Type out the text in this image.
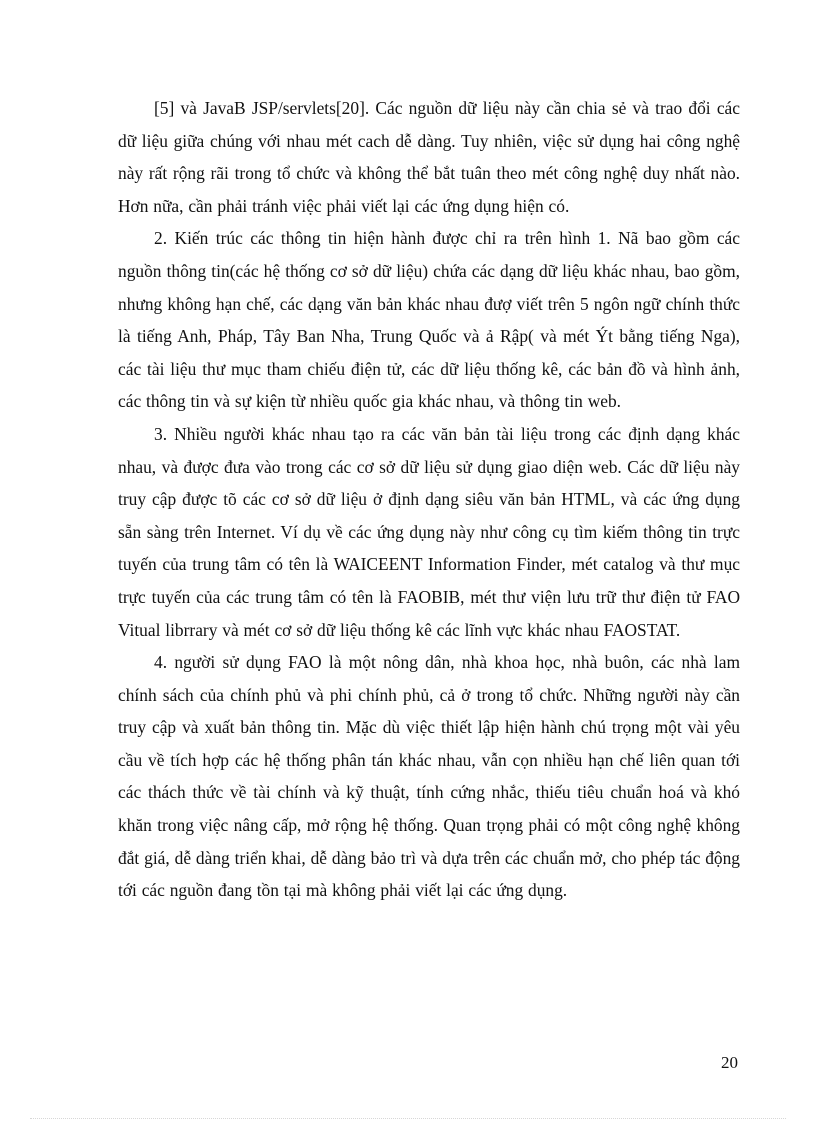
[5] và JavaB JSP/servlets[20]. Các nguồn dữ liệu này cần chia sẻ và trao đổi các dữ liệu giữa chúng với nhau mét cach dễ dàng. Tuy nhiên, việc sử dụng hai công nghệ này rất rộng rãi trong tổ chức và không thể bắt tuân theo mét công nghệ duy nhất nào. Hơn nữa, cần phải tránh việc phải viết lại các ứng dụng hiện có.

2. Kiến trúc các thông tin hiện hành được chỉ ra trên hình 1. Nã bao gồm các nguồn thông tin(các hệ thống cơ sở dữ liệu) chứa các dạng dữ liệu khác nhau, bao gồm, nhưng không hạn chế, các dạng văn bản khác nhau đượ viết trên 5 ngôn ngữ chính thức là tiếng Anh, Pháp, Tây Ban Nha, Trung Quốc và ả Rập( và mét Ýt bằng tiếng Nga), các tài liệu thư mục tham chiếu điện tử, các dữ liệu thống kê, các bản đồ và hình ảnh, các thông tin và sự kiện từ nhiều quốc gia khác nhau, và thông tin web.

3. Nhiều người khác nhau tạo ra các văn bản tài liệu trong các định dạng khác nhau, và được đưa vào trong các cơ sở dữ liệu sử dụng giao diện web. Các dữ liệu này truy cập được tõ các cơ sở dữ liệu ở định dạng siêu văn bản HTML, và các ứng dụng sẵn sàng trên Internet. Ví dụ về các ứng dụng này như công cụ tìm kiếm thông tin trực tuyến của trung tâm có tên là WAICEENT Information Finder, mét catalog và thư mục trực tuyến của các trung tâm có tên là FAOBIB, mét thư viện lưu trữ thư điện tử FAO Vitual librrary và mét cơ sở dữ liệu thống kê các lĩnh vực khác nhau FAOSTAT.

4. người sử dụng FAO là một nông dân, nhà khoa học, nhà buôn, các nhà lam chính sách của chính phủ và phi chính phủ, cả ở trong tổ chức. Những người này cần truy cập và xuất bản thông tin. Mặc dù việc thiết lập hiện hành chú trọng một vài yêu cầu về tích hợp các hệ thống phân tán khác nhau, vẫn cọn nhiều hạn chế liên quan tới các thách thức về tài chính và kỹ thuật, tính cứng nhắc, thiếu tiêu chuẩn hoá và khó khăn trong việc nâng cấp, mở rộng hệ thống. Quan trọng phải có một công nghệ không đắt giá, dễ dàng triển khai, dễ dàng bảo trì và dựa trên các chuẩn mở, cho phép tác động tới các nguồn đang tồn tại mà không phải viết lại các ứng dụng.

20
